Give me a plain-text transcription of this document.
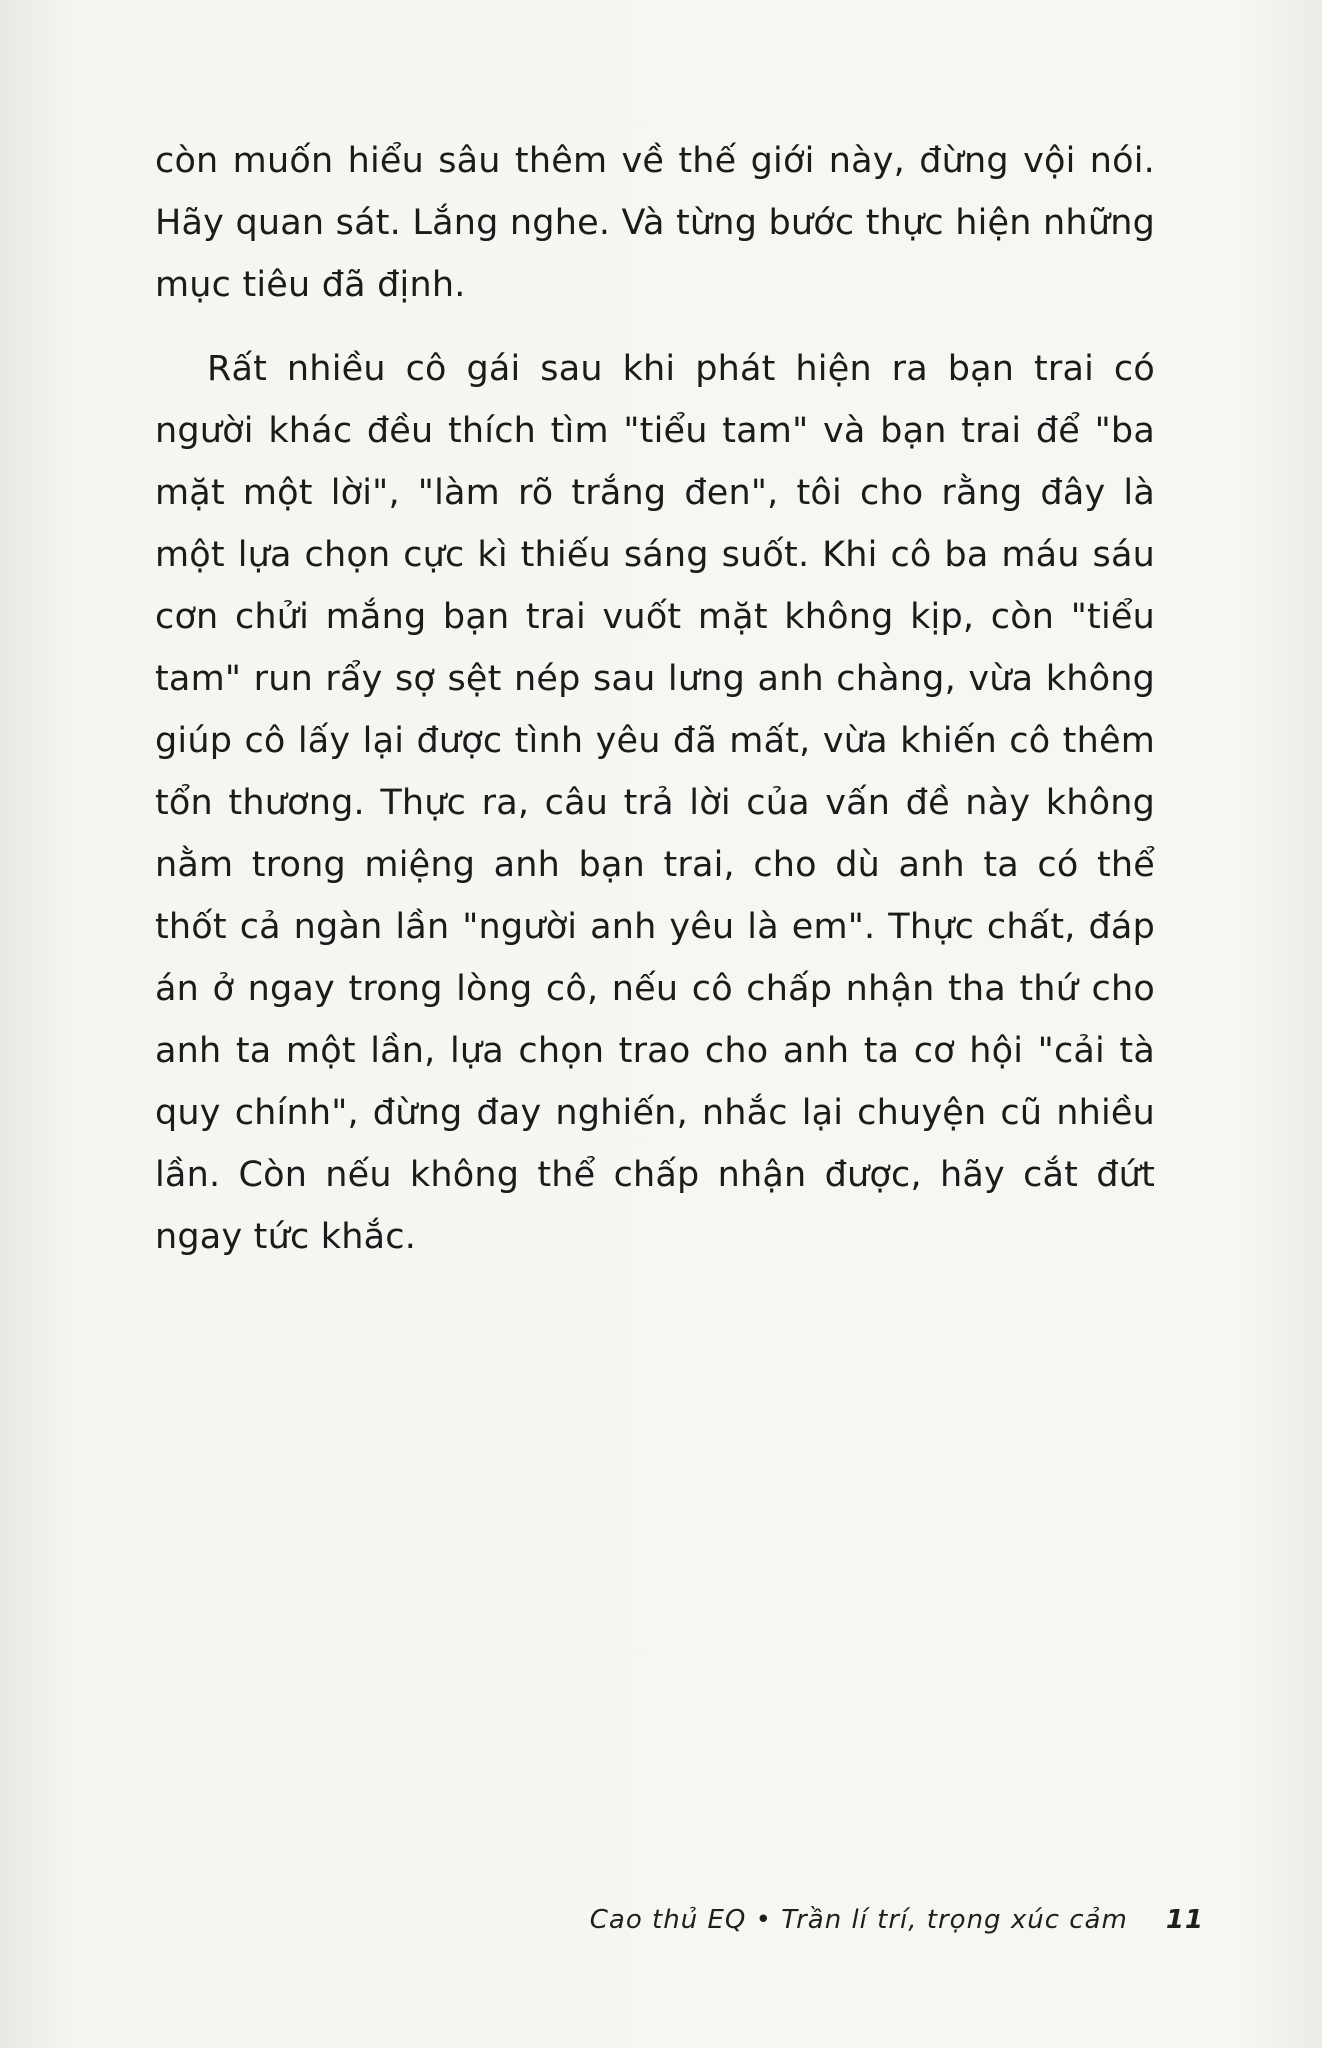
còn muốn hiểu sâu thêm về thế giới này, đừng vội nói. Hãy quan sát. Lắng nghe. Và từng bước thực hiện những mục tiêu đã định.

Rất nhiều cô gái sau khi phát hiện ra bạn trai có người khác đều thích tìm "tiểu tam" và bạn trai để "ba mặt một lời", "làm rõ trắng đen", tôi cho rằng đây là một lựa chọn cực kì thiếu sáng suốt. Khi cô ba máu sáu cơn chửi mắng bạn trai vuốt mặt không kịp, còn "tiểu tam" run rẩy sợ sệt nép sau lưng anh chàng, vừa không giúp cô lấy lại được tình yêu đã mất, vừa khiến cô thêm tổn thương. Thực ra, câu trả lời của vấn đề này không nằm trong miệng anh bạn trai, cho dù anh ta có thể thốt cả ngàn lần "người anh yêu là em". Thực chất, đáp án ở ngay trong lòng cô, nếu cô chấp nhận tha thứ cho anh ta một lần, lựa chọn trao cho anh ta cơ hội "cải tà quy chính", đừng đay nghiến, nhắc lại chuyện cũ nhiều lần. Còn nếu không thể chấp nhận được, hãy cắt đứt ngay tức khắc.

Cao thủ EQ • Trần lí trí, trọng xúc cảm 11
